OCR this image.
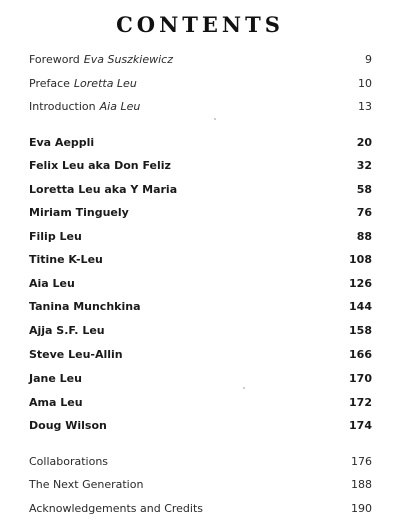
CONTENTS
Foreword Eva Suszkiewicz	9
Preface Loretta Leu	10
Introduction Aia Leu	13
Eva Aeppli	20
Felix Leu aka Don Feliz	32
Loretta Leu aka Y Maria	58
Miriam Tinguely	76
Filip Leu	88
Titine K-Leu	108
Aia Leu	126
Tanina Munchkina	144
Ajja S.F. Leu	158
Steve Leu-Allin	166
Jane Leu	170
Ama Leu	172
Doug Wilson	174
Collaborations	176
The Next Generation	188
Acknowledgements and Credits	190
